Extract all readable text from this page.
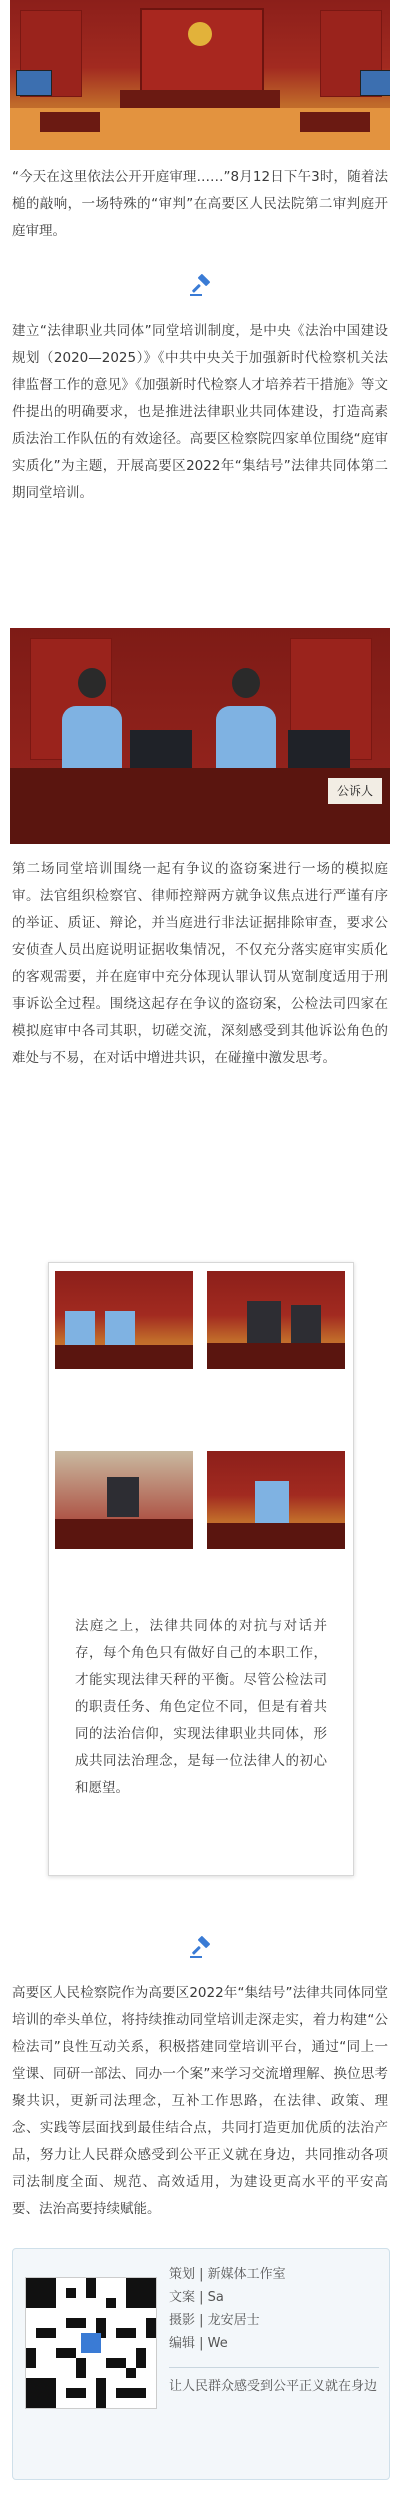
“今天在这里依法公开开庭审理……”8月12日下午3时，随着法槌的敲响，一场特殊的“审判”在高要区人民法院第二审判庭开庭审理。

建立“法律职业共同体”同堂培训制度，是中央《法治中国建设规划（2020—2025）》《中共中央关于加强新时代检察机关法律监督工作的意见》《加强新时代检察人才培养若干措施》等文件提出的明确要求，也是推进法律职业共同体建设，打造高素质法治工作队伍的有效途径。高要区检察院四家单位围绕“庭审实质化”为主题，开展高要区2022年“集结号”法律共同体第二期同堂培训。

公诉人

第二场同堂培训围绕一起有争议的盗窃案进行一场的模拟庭审。法官组织检察官、律师控辩两方就争议焦点进行严谨有序的举证、质证、辩论，并当庭进行非法证据排除审查，要求公安侦查人员出庭说明证据收集情况，不仅充分落实庭审实质化的客观需要，并在庭审中充分体现认罪认罚从宽制度适用于刑事诉讼全过程。围绕这起存在争议的盗窃案，公检法司四家在模拟庭审中各司其职，切磋交流，深刻感受到其他诉讼角色的难处与不易，在对话中增进共识，在碰撞中激发思考。

法庭之上，法律共同体的对抗与对话并存，每个角色只有做好自己的本职工作，才能实现法律天秤的平衡。尽管公检法司的职责任务、角色定位不同，但是有着共同的法治信仰，实现法律职业共同体，形成共同法治理念，是每一位法律人的初心和愿望。

高要区人民检察院作为高要区2022年“集结号”法律共同体同堂培训的牵头单位，将持续推动同堂培训走深走实，着力构建“公检法司”良性互动关系，积极搭建同堂培训平台，通过“同上一堂课、同研一部法、同办一个案”来学习交流增理解、换位思考聚共识，更新司法理念，互补工作思路，在法律、政策、理念、实践等层面找到最佳结合点，共同打造更加优质的法治产品，努力让人民群众感受到公平正义就在身边，共同推动各项司法制度全面、规范、高效适用，为建设更高水平的平安高要、法治高要持续赋能。

策划 | 新媒体工作室
文案 | Sa
摄影 | 龙安居士
编辑 | We
让人民群众感受到公平正义就在身边
